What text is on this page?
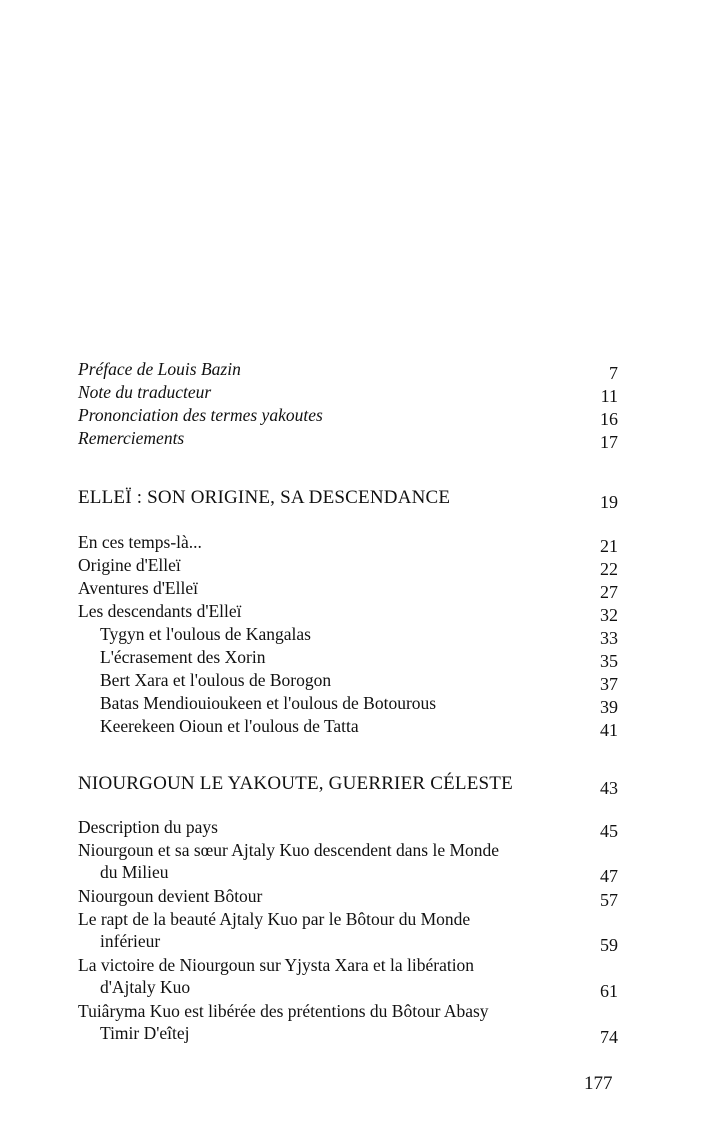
Préface de Louis Bazin	7
Note du traducteur	11
Prononciation des termes yakoutes	16
Remerciements	17
ELLEÏ : SON ORIGINE, SA DESCENDANCE	19
En ces temps-là...	21
Origine d'Elleï	22
Aventures d'Elleï	27
Les descendants d'Elleï	32
Tygyn et l'oulous de Kangalas	33
L'écrasement des Xorin	35
Bert Xara et l'oulous de Borogon	37
Batas Mendiouioukeen et l'oulous de Botourous	39
Keerekeen Oioun et l'oulous de Tatta	41
NIOURGOUN LE YAKOUTE, GUERRIER CÉLESTE	43
Description du pays	45
Niourgoun et sa sœur Ajtaly Kuo descendent dans le Monde
du Milieu	47
Niourgoun devient Bôtour	57
Le rapt de la beauté Ajtaly Kuo par le Bôtour du Monde
inférieur	59
La victoire de Niourgoun sur Yjysta Xara et la libération
d'Ajtaly Kuo	61
Tuiâryma Kuo est libérée des prétentions du Bôtour Abasy
Timir D'eîtej	74
177
